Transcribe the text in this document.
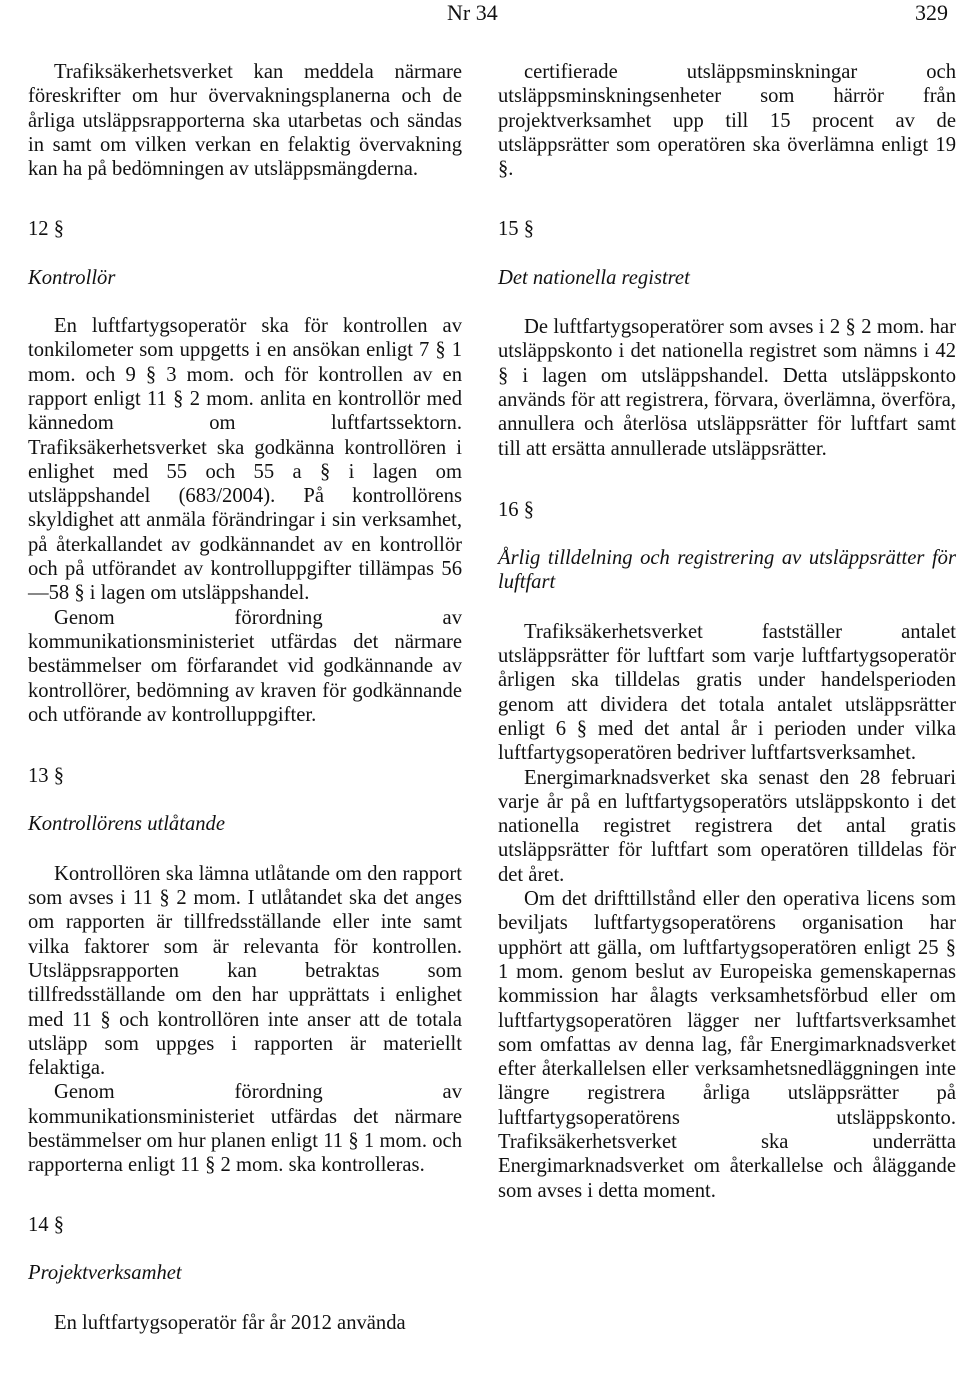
Nr 34	329

Trafiksäkerhetsverket kan meddela närmare föreskrifter om hur övervakningsplanerna och de årliga utsläppsrapporterna ska utarbetas och sändas in samt om vilken verkan en felaktig övervakning kan ha på bedömningen av utsläppsmängderna.

12 §

Kontrollör

En luftfartygsoperatör ska för kontrollen av tonkilometer som uppgetts i en ansökan enligt 7 § 1 mom. och 9 § 3 mom. och för kontrollen av en rapport enligt 11 § 2 mom. anlita en kontrollör med kännedom om luftfartssektorn. Trafiksäkerhetsverket ska godkänna kontrollören i enlighet med 55 och 55 a § i lagen om utsläppshandel (683/2004). På kontrollörens skyldighet att anmäla förändringar i sin verksamhet, på återkallandet av godkännandet av en kontrollör och på utförandet av kontrolluppgifter tillämpas 56—58 § i lagen om utsläppshandel.

Genom förordning av kommunikationsministeriet utfärdas det närmare bestämmelser om förfarandet vid godkännande av kontrollörer, bedömning av kraven för godkännande och utförande av kontrolluppgifter.

13 §

Kontrollörens utlåtande

Kontrollören ska lämna utlåtande om den rapport som avses i 11 § 2 mom. I utlåtandet ska det anges om rapporten är tillfredsställande eller inte samt vilka faktorer som är relevanta för kontrollen. Utsläppsrapporten kan betraktas som tillfredsställande om den har upprättats i enlighet med 11 § och kontrollören inte anser att de totala utsläpp som uppges i rapporten är materiellt felaktiga.

Genom förordning av kommunikationsministeriet utfärdas det närmare bestämmelser om hur planen enligt 11 § 1 mom. och rapporterna enligt 11 § 2 mom. ska kontrolleras.

14 §

Projektverksamhet

En luftfartygsoperatör får år 2012 använda

certifierade utsläppsminskningar och utsläppsminskningsenheter som härrör från projektverksamhet upp till 15 procent av de utsläppsrätter som operatören ska överlämna enligt 19 §.

15 §

Det nationella registret

De luftfartygsoperatörer som avses i 2 § 2 mom. har utsläppskonto i det nationella registret som nämns i 42 § i lagen om utsläppshandel. Detta utsläppskonto används för att registrera, förvara, överlämna, överföra, annullera och återlösa utsläppsrätter för luftfart samt till att ersätta annullerade utsläppsrätter.

16 §

Årlig tilldelning och registrering av utsläppsrätter för luftfart

Trafiksäkerhetsverket fastställer antalet utsläppsrätter för luftfart som varje luftfartygsoperatör årligen ska tilldelas gratis under handelsperioden genom att dividera det totala antalet utsläppsrätter enligt 6 § med det antal år i perioden under vilka luftfartygsoperatören bedriver luftfartsverksamhet.

Energimarknadsverket ska senast den 28 februari varje år på en luftfartygsoperatörs utsläppskonto i det nationella registret registrera det antal gratis utsläppsrätter för luftfart som operatören tilldelas för det året.

Om det drifttillstånd eller den operativa licens som beviljats luftfartygsoperatörens organisation har upphört att gälla, om luftfartygsoperatören enligt 25 § 1 mom. genom beslut av Europeiska gemenskapernas kommission har ålagts verksamhetsförbud eller om luftfartygsoperatören lägger ner luftfartsverksamhet som omfattas av denna lag, får Energimarknadsverket efter återkallelsen eller verksamhetsnedläggningen inte längre registrera årliga utsläppsrätter på luftfartygsoperatörens utsläppskonto. Trafiksäkerhetsverket ska underrätta Energimarknadsverket om återkallelse och åläggande som avses i detta moment.
